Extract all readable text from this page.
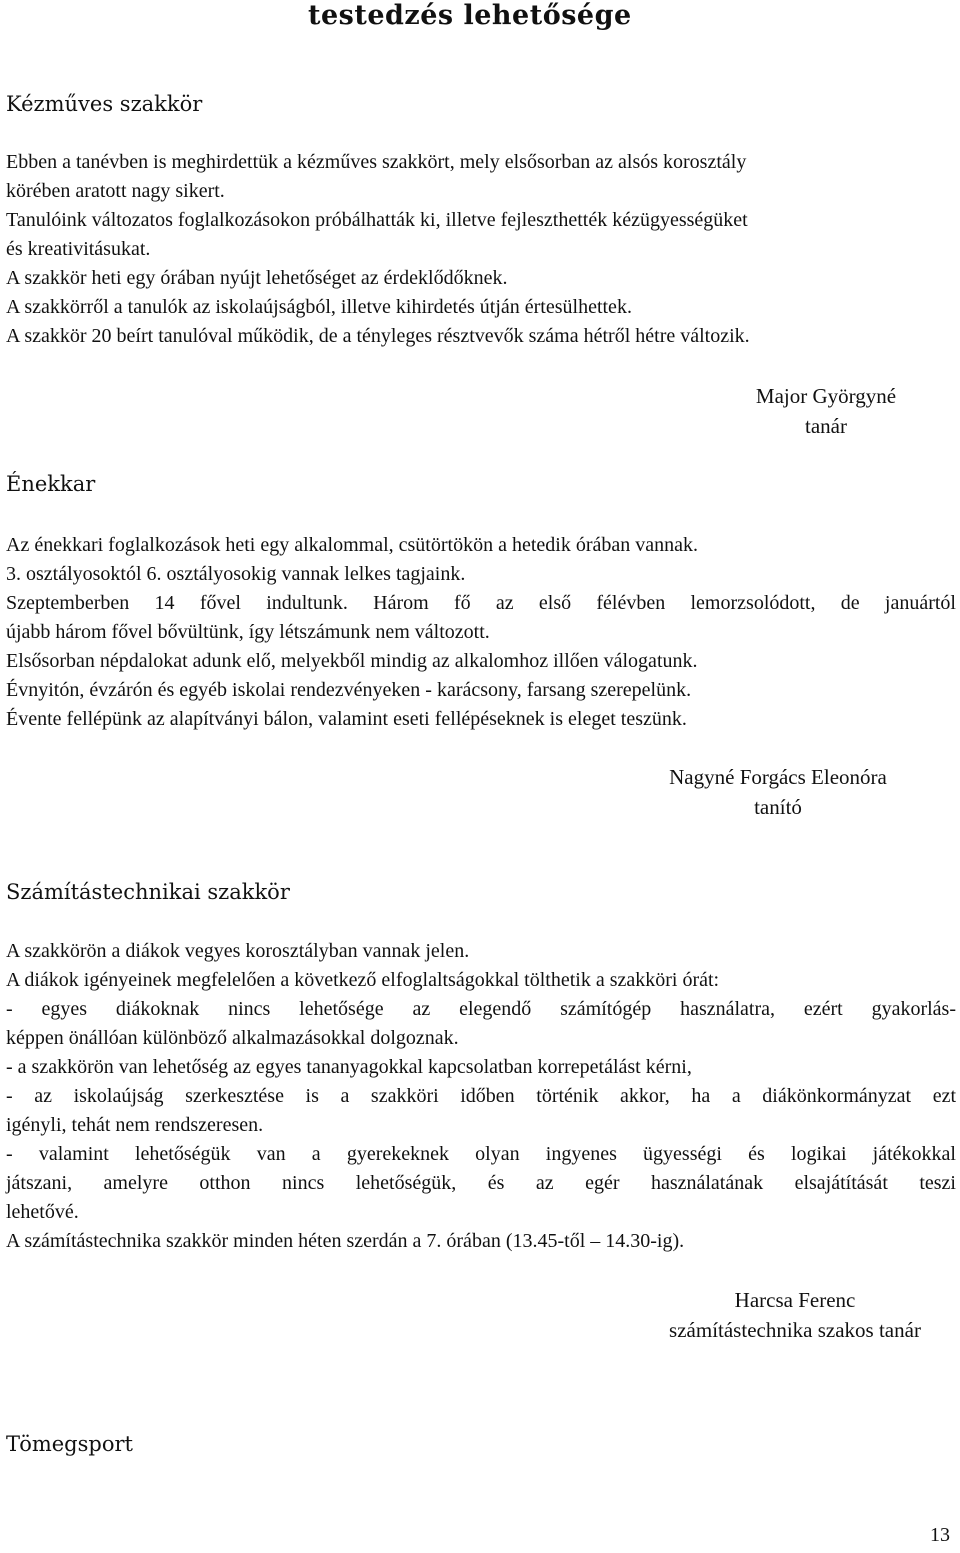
testedzés lehetősége
Kézműves szakkör
Ebben a tanévben is meghirdettük a kézműves szakkört, mely elsősorban az alsós korosztály
körében aratott nagy sikert.
Tanulóink változatos foglalkozásokon próbálhatták ki, illetve fejleszthették kézügyességüket
és kreativitásukat.
A szakkör heti egy órában nyújt lehetőséget az érdeklődőknek.
A szakkörről a tanulók az iskolaújságból, illetve kihirdetés útján értesülhettek.
A szakkör 20 beírt tanulóval működik, de a tényleges résztvevők száma hétről hétre változik.
Major Györgyné
tanár
Énekkar
Az énekkari foglalkozások heti egy alkalommal, csütörtökön a hetedik órában vannak.
3. osztályosoktól 6. osztályosokig vannak lelkes tagjaink.
Szeptemberben 14 fővel indultunk. Három fő az első félévben lemorzsolódott, de januártól
újabb három fővel bővültünk, így létszámunk nem változott.
Elsősorban népdalokat adunk elő, melyekből mindig az alkalomhoz illően válogatunk.
Évnyitón, évzárón és egyéb iskolai rendezvényeken - karácsony, farsang szerepelünk.
Évente fellépünk az alapítványi bálon, valamint eseti fellépéseknek is eleget teszünk.
Nagyné Forgács Eleonóra
tanító
Számítástechnikai szakkör
A szakkörön a diákok vegyes korosztályban vannak jelen.
A diákok igényeinek megfelelően a következő elfoglaltságokkal tölthetik a szakköri órát:
- egyes diákoknak nincs lehetősége az elegendő számítógép használatra, ezért gyakorlás-
képpen önállóan különböző alkalmazásokkal dolgoznak.
- a szakkörön van lehetőség az egyes tananyagokkal kapcsolatban korrepetálást kérni,
- az iskolaújság szerkesztése is a szakköri időben történik akkor, ha a diákönkormányzat ezt
igényli, tehát nem rendszeresen.
- valamint lehetőségük van a gyerekeknek olyan ingyenes ügyességi és logikai játékokkal
játszani, amelyre otthon nincs lehetőségük, és az egér használatának elsajátítását teszi
lehetővé.
A számítástechnika szakkör minden héten szerdán a 7. órában (13.45-től – 14.30-ig).
Harcsa Ferenc
számítástechnika szakos tanár
Tömegsport
13
